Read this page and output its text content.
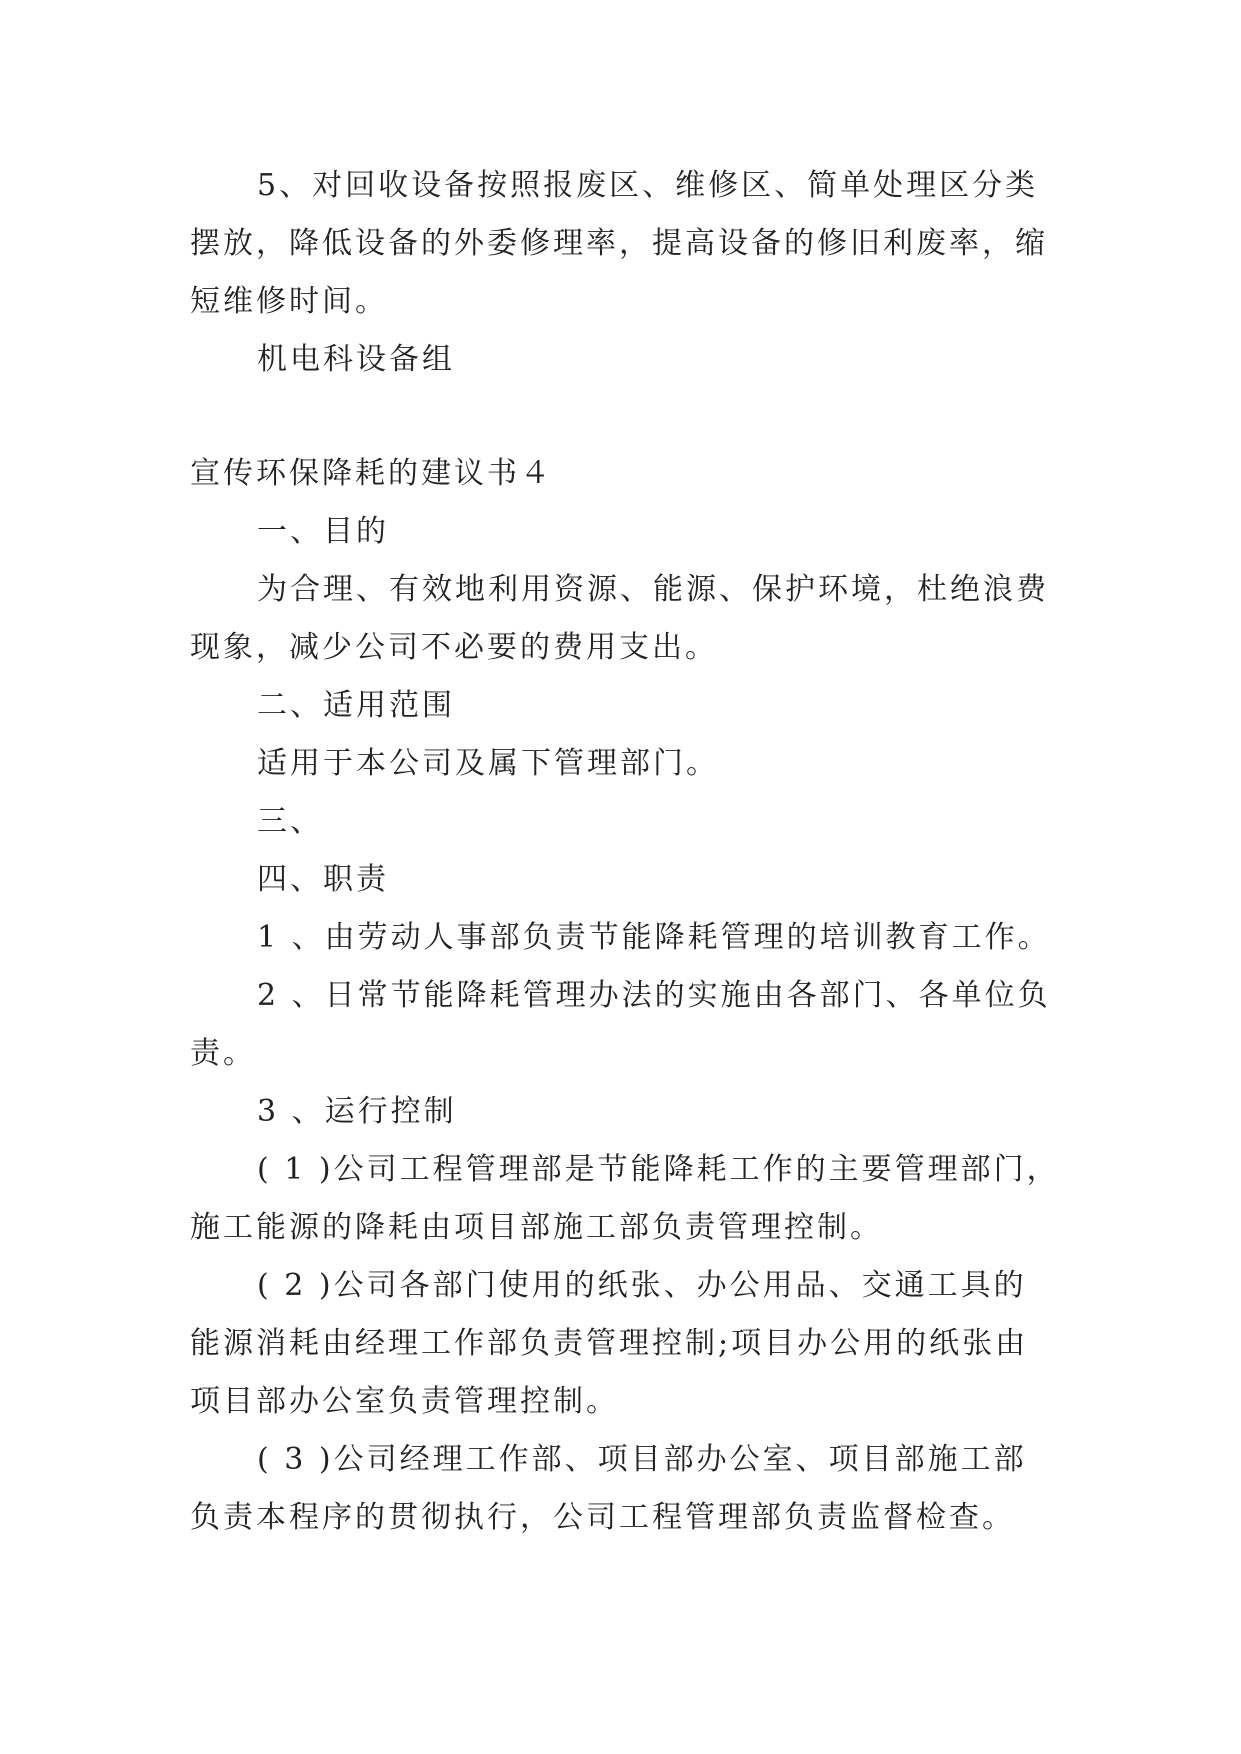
5、对回收设备按照报废区、维修区、简单处理区分类

摆放，降低设备的外委修理率，提高设备的修旧利废率，缩

短维修时间。

机电科设备组

宣传环保降耗的建议书４

一、目的

为合理、有效地利用资源、能源、保护环境，杜绝浪费

现象，减少公司不必要的费用支出。

二、适用范围

适用于本公司及属下管理部门。

三、

四、职责

1 、由劳动人事部负责节能降耗管理的培训教育工作。

2 、日常节能降耗管理办法的实施由各部门、各单位负

责。

3 、运行控制

( 1 )公司工程管理部是节能降耗工作的主要管理部门，

施工能源的降耗由项目部施工部负责管理控制。

( 2 )公司各部门使用的纸张、办公用品、交通工具的

能源消耗由经理工作部负责管理控制;项目办公用的纸张由

项目部办公室负责管理控制。

( 3 )公司经理工作部、项目部办公室、项目部施工部

负责本程序的贯彻执行，公司工程管理部负责监督检查。
